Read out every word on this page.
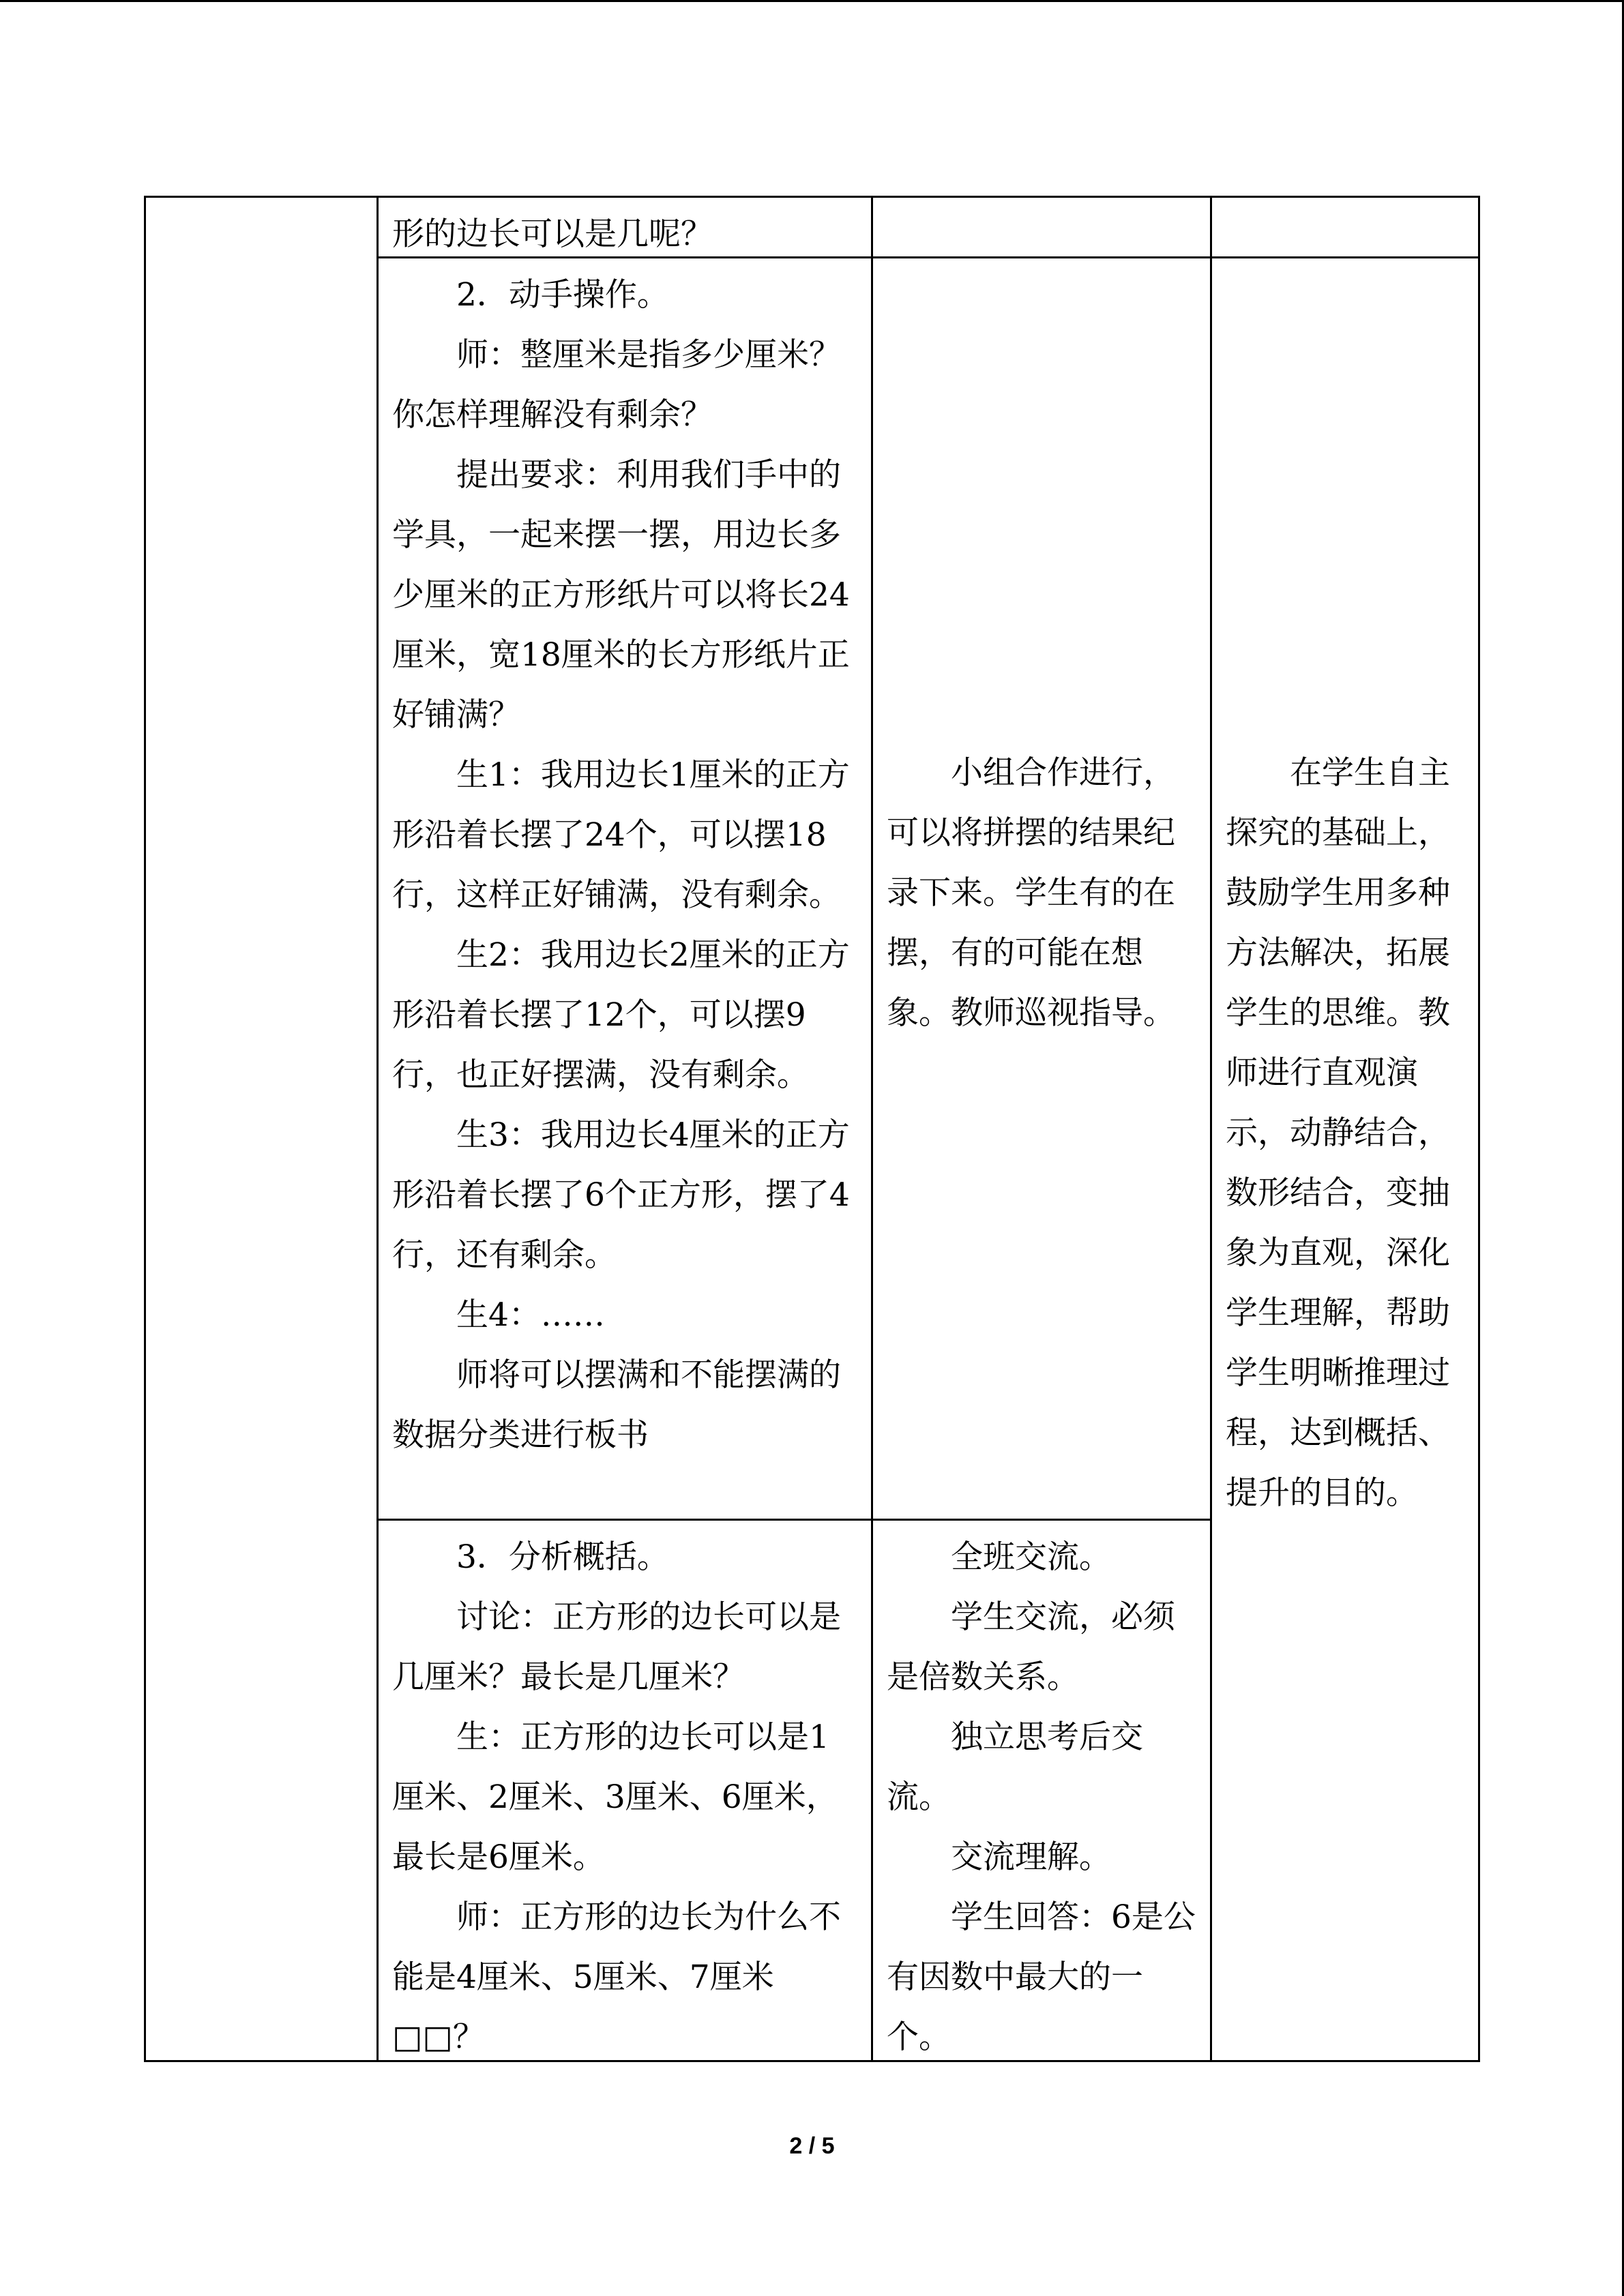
形的边长可以是几呢？

2．动手操作。

师：整厘米是指多少厘米？你怎样理解没有剩余？

提出要求：利用我们手中的学具，一起来摆一摆，用边长多少厘米的正方形纸片可以将长24厘米，宽18厘米的长方形纸片正好铺满？

生1：我用边长1厘米的正方形沿着长摆了24个，可以摆18行，这样正好铺满，没有剩余。

生2：我用边长2厘米的正方形沿着长摆了12个，可以摆9行，也正好摆满，没有剩余。

生3：我用边长4厘米的正方形沿着长摆了6个正方形，摆了4行，还有剩余。

生4：……

师将可以摆满和不能摆满的数据分类进行板书

小组合作进行，可以将拼摆的结果纪录下来。学生有的在摆，有的可能在想象。教师巡视指导。

在学生自主探究的基础上，鼓励学生用多种方法解决，拓展学生的思维。教师进行直观演示，动静结合，数形结合，变抽象为直观，深化学生理解，帮助学生明晰推理过程，达到概括、提升的目的。

3．分析概括。

讨论：正方形的边长可以是几厘米？最长是几厘米？

生：正方形的边长可以是1厘米、2厘米、3厘米、6厘米，最长是6厘米。

师：正方形的边长为什么不能是4厘米、5厘米、7厘米□□？

全班交流。

学生交流，必须是倍数关系。

独立思考后交流。

交流理解。

学生回答：6是公有因数中最大的一个。

2 / 5
